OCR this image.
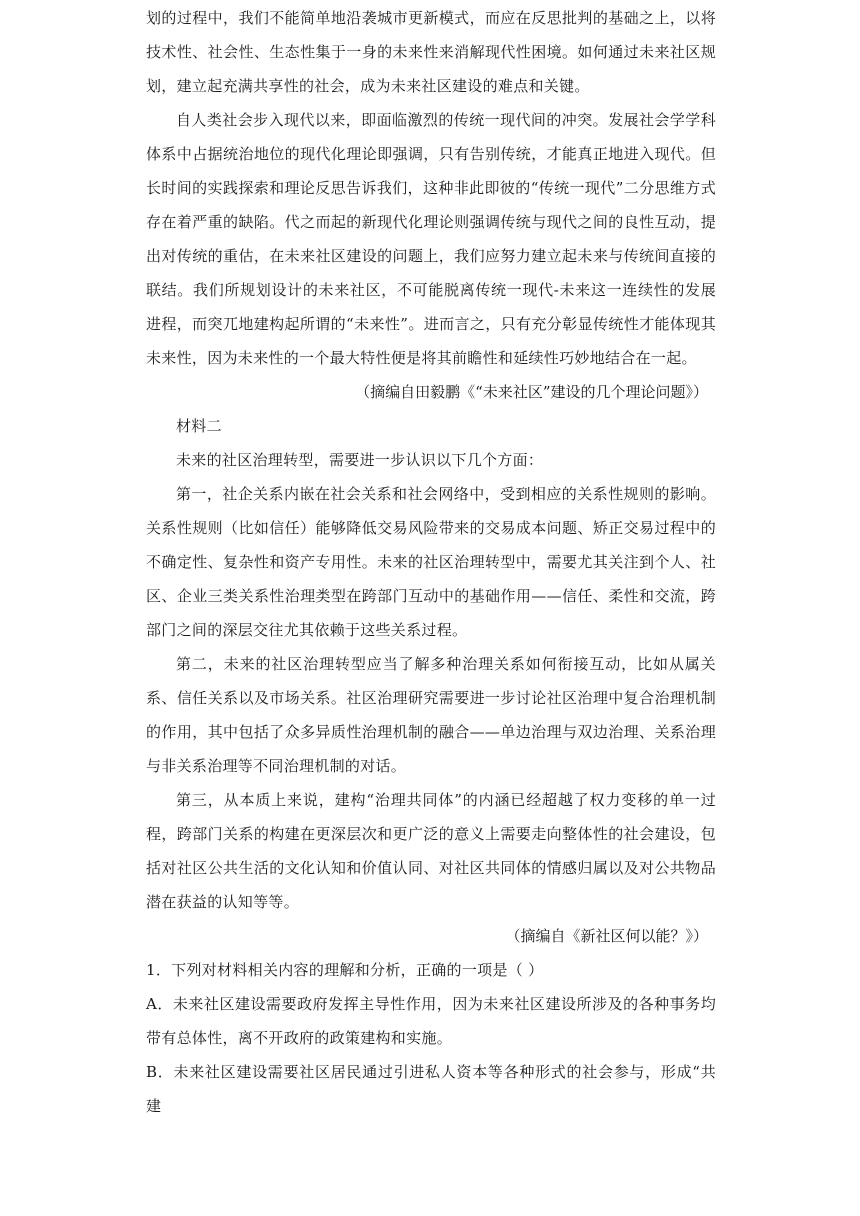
划的过程中，我们不能简单地沿袭城市更新模式，而应在反思批判的基础之上，以将技术性、社会性、生态性集于一身的未来性来消解现代性困境。如何通过未来社区规划，建立起充满共享性的社会，成为未来社区建设的难点和关键。

自人类社会步入现代以来，即面临激烈的传统一现代间的冲突。发展社会学学科体系中占据统治地位的现代化理论即强调，只有告别传统，才能真正地进入现代。但长时间的实践探索和理论反思告诉我们，这种非此即彼的“传统一现代”二分思维方式存在着严重的缺陷。代之而起的新现代化理论则强调传统与现代之间的良性互动，提出对传统的重估，在未来社区建设的问题上，我们应努力建立起未来与传统间直接的联结。我们所规划设计的未来社区，不可能脱离传统一现代-未来这一连续性的发展进程，而突兀地建构起所谓的“未来性”。进而言之，只有充分彰显传统性才能体现其未来性，因为未来性的一个最大特性便是将其前瞻性和延续性巧妙地结合在一起。

（摘编自田毅鹏《“未来社区”建设的几个理论问题》）

材料二

未来的社区治理转型，需要进一步认识以下几个方面：

第一，社企关系内嵌在社会关系和社会网络中，受到相应的关系性规则的影响。关系性规则（比如信任）能够降低交易风险带来的交易成本问题、矫正交易过程中的不确定性、复杂性和资产专用性。未来的社区治理转型中，需要尤其关注到个人、社区、企业三类关系性治理类型在跨部门互动中的基础作用——信任、柔性和交流，跨部门之间的深层交往尤其依赖于这些关系过程。

第二，未来的社区治理转型应当了解多种治理关系如何衔接互动，比如从属关系、信任关系以及市场关系。社区治理研究需要进一步讨论社区治理中复合治理机制的作用，其中包括了众多异质性治理机制的融合——单边治理与双边治理、关系治理与非关系治理等不同治理机制的对话。

第三，从本质上来说，建构“治理共同体”的内涵已经超越了权力变移的单一过程，跨部门关系的构建在更深层次和更广泛的意义上需要走向整体性的社会建设，包括对社区公共生活的文化认知和价值认同、对社区共同体的情感归属以及对公共物品潜在获益的认知等等。

（摘编自《新社区何以能？》）

1．下列对材料相关内容的理解和分析，正确的一项是（ ）

A．未来社区建设需要政府发挥主导性作用，因为未来社区建设所涉及的各种事务均带有总体性，离不开政府的政策建构和实施。

B．未来社区建设需要社区居民通过引进私人资本等各种形式的社会参与，形成“共建
